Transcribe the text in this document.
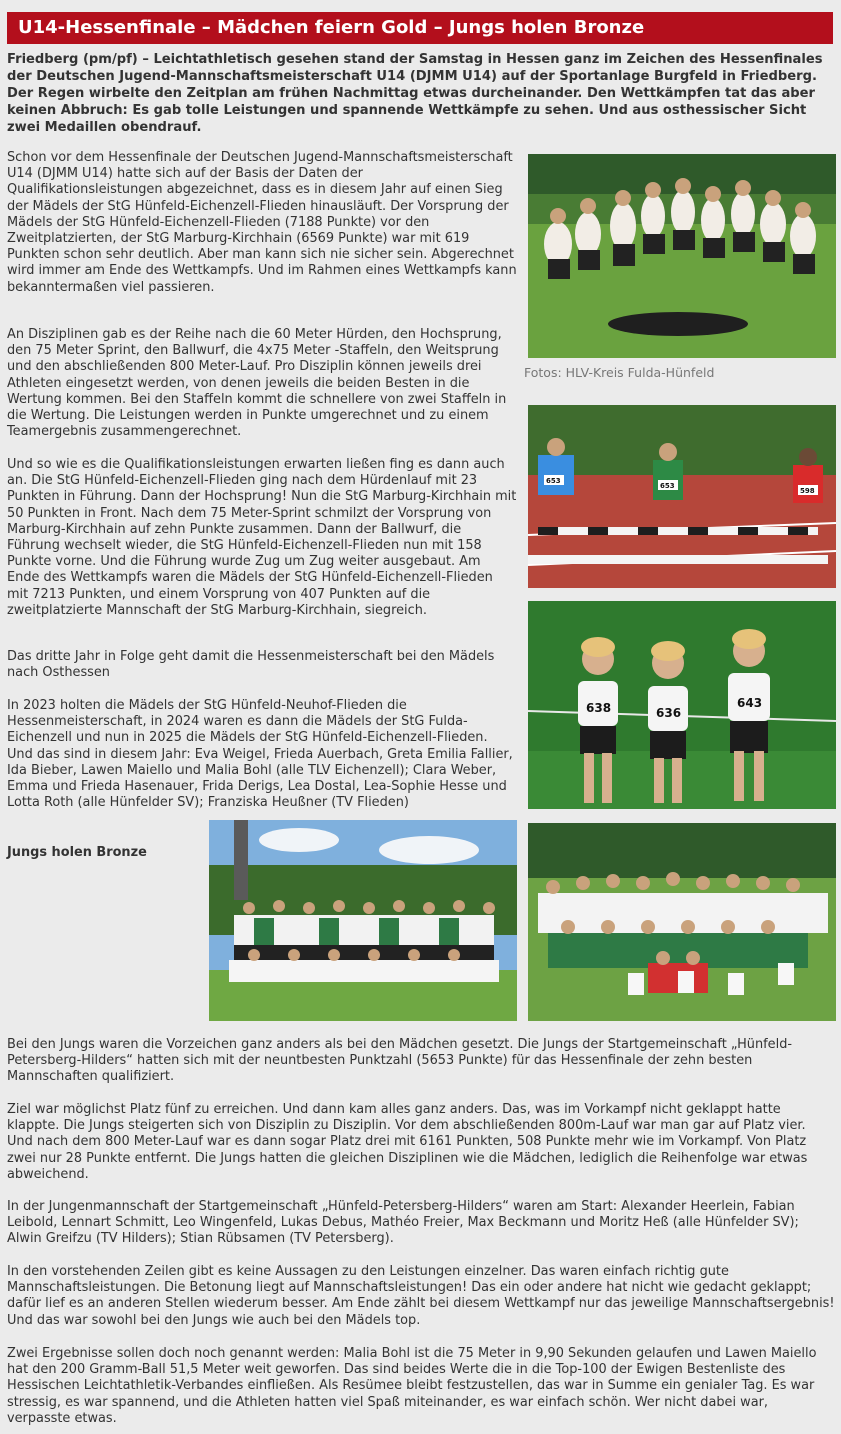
U14-Hessenfinale – Mädchen feiern Gold – Jungs holen Bronze

Friedberg (pm/pf) – Leichtathletisch gesehen stand der Samstag in Hessen ganz im Zeichen des Hessenfinales der Deutschen Jugend-Mannschaftsmeisterschaft U14 (DJMM U14) auf der Sportanlage Burgfeld in Friedberg. Der Regen wirbelte den Zeitplan am frühen Nachmittag etwas durcheinander. Den Wettkämpfen tat das aber keinen Abbruch: Es gab tolle Leistungen und spannende Wettkämpfe zu sehen. Und aus osthessischer Sicht zwei Medaillen obendrauf.

Schon vor dem Hessenfinale der Deutschen Jugend-Mannschaftsmeisterschaft U14 (DJMM U14) hatte sich auf der Basis der Daten der Qualifikationsleistungen abgezeichnet, dass es in diesem Jahr auf einen Sieg der Mädels der StG Hünfeld-Eichenzell-Flieden hinausläuft. Der Vorsprung der Mädels der StG Hünfeld-Eichenzell-Flieden (7188 Punkte) vor den Zweitplatzierten, der StG Marburg-Kirchhain (6569 Punkte) war mit 619 Punkten schon sehr deutlich. Aber man kann sich nie sicher sein. Abgerechnet wird immer am Ende des Wettkampfs. Und im Rahmen eines Wettkampfs kann bekanntermaßen viel passieren.

An Disziplinen gab es der Reihe nach die 60 Meter Hürden, den Hochsprung, den 75 Meter Sprint, den Ballwurf, die 4x75 Meter -Staffeln, den Weitsprung und den abschließenden 800 Meter-Lauf. Pro Disziplin können jeweils drei Athleten eingesetzt werden, von denen jeweils die beiden Besten in die Wertung kommen. Bei den Staffeln kommt die schnellere von zwei Staffeln in die Wertung. Die Leistungen werden in Punkte umgerechnet und zu einem Teamergebnis zusammengerechnet.

Und so wie es die Qualifikationsleistungen erwarten ließen fing es dann auch an. Die StG Hünfeld-Eichenzell-Flieden ging nach dem Hürdenlauf mit 23 Punkten in Führung. Dann der Hochsprung! Nun die StG Marburg-Kirchhain mit 50 Punkten in Front. Nach dem 75 Meter-Sprint schmilzt der Vorsprung von Marburg-Kirchhain auf zehn Punkte zusammen. Dann der Ballwurf, die Führung wechselt wieder, die StG Hünfeld-Eichenzell-Flieden nun mit 158 Punkte vorne. Und die Führung wurde Zug um Zug weiter ausgebaut. Am Ende des Wettkampfs waren die Mädels der StG Hünfeld-Eichenzell-Flieden mit 7213 Punkten, und einem Vorsprung von 407 Punkten auf die zweitplatzierte Mannschaft der StG Marburg-Kirchhain, siegreich.

Das dritte Jahr in Folge geht damit die Hessenmeisterschaft bei den Mädels nach Osthessen

In 2023 holten die Mädels der StG Hünfeld-Neuhof-Flieden die Hessenmeisterschaft, in 2024 waren es dann die Mädels der StG Fulda-Eichenzell und nun in 2025 die Mädels der StG Hünfeld-Eichenzell-Flieden. Und das sind in diesem Jahr: Eva Weigel, Frieda Auerbach, Greta Emilia Fallier, Ida Bieber, Lawen Maiello und Malia Bohl (alle TLV Eichenzell); Clara Weber, Emma und Frieda Hasenauer, Frida Derigs, Lea Dostal, Lea-Sophie Hesse und Lotta Roth (alle Hünfelder SV); Franziska Heußner (TV Flieden)

Jungs holen Bronze
Fotos: HLV-Kreis Fulda-Hünfeld
653
653
598
638	636
643

Bei den Jungs waren die Vorzeichen ganz anders als bei den Mädchen gesetzt. Die Jungs der Startgemeinschaft „Hünfeld-Petersberg-Hilders“ hatten sich mit der neuntbesten Punktzahl (5653 Punkte) für das Hessenfinale der zehn besten Mannschaften qualifiziert.

Ziel war möglichst Platz fünf zu erreichen. Und dann kam alles ganz anders. Das, was im Vorkampf nicht geklappt hatte klappte. Die Jungs steigerten sich von Disziplin zu Disziplin. Vor dem abschließenden 800m-Lauf war man gar auf Platz vier. Und nach dem 800 Meter-Lauf war es dann sogar Platz drei mit 6161 Punkten, 508 Punkte mehr wie im Vorkampf. Von Platz zwei nur 28 Punkte entfernt. Die Jungs hatten die gleichen Disziplinen wie die Mädchen, lediglich die Reihenfolge war etwas abweichend.

In der Jungenmannschaft der Startgemeinschaft „Hünfeld-Petersberg-Hilders“ waren am Start: Alexander Heerlein, Fabian Leibold, Lennart Schmitt, Leo Wingenfeld, Lukas Debus, Mathéo Freier, Max Beckmann und Moritz Heß (alle Hünfelder SV); Alwin Greifzu (TV Hilders); Stian Rübsamen (TV Petersberg).

In den vorstehenden Zeilen gibt es keine Aussagen zu den Leistungen einzelner. Das waren einfach richtig gute Mannschaftsleistungen. Die Betonung liegt auf Mannschaftsleistungen! Das ein oder andere hat nicht wie gedacht geklappt; dafür lief es an anderen Stellen wiederum besser. Am Ende zählt bei diesem Wettkampf nur das jeweilige Mannschaftsergebnis! Und das war sowohl bei den Jungs wie auch bei den Mädels top.

Zwei Ergebnisse sollen doch noch genannt werden: Malia Bohl ist die 75 Meter in 9,90 Sekunden gelaufen und Lawen Maiello hat den 200 Gramm-Ball 51,5 Meter weit geworfen. Das sind beides Werte die in die Top-100 der Ewigen Bestenliste des Hessischen Leichtathletik-Verbandes einfließen. Als Resümee bleibt festzustellen, das war in Summe ein genialer Tag. Es war stressig, es war spannend, und die Athleten hatten viel Spaß miteinander, es war einfach schön. Wer nicht dabei war, verpasste etwas.
